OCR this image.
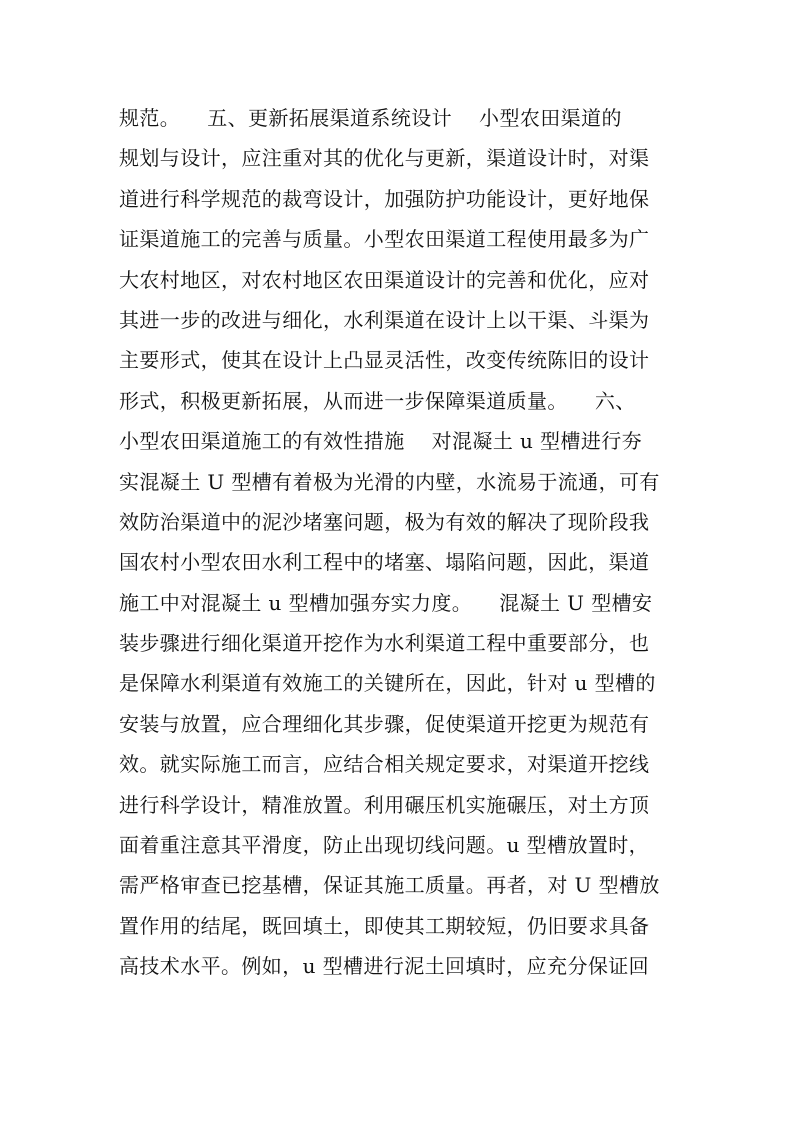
规范。    五、更新拓展渠道系统设计    小型农田渠道的
规划与设计，应注重对其的优化与更新，渠道设计时，对渠
道进行科学规范的裁弯设计，加强防护功能设计，更好地保
证渠道施工的完善与质量。小型农田渠道工程使用最多为广
大农村地区，对农村地区农田渠道设计的完善和优化，应对
其进一步的改进与细化，水利渠道在设计上以干渠、斗渠为
主要形式，使其在设计上凸显灵活性，改变传统陈旧的设计
形式，积极更新拓展，从而进一步保障渠道质量。    六、
小型农田渠道施工的有效性措施    对混凝土 u 型槽进行夯
实混凝土 U 型槽有着极为光滑的内壁，水流易于流通，可有
效防治渠道中的泥沙堵塞问题，极为有效的解决了现阶段我
国农村小型农田水利工程中的堵塞、塌陷问题，因此，渠道
施工中对混凝土 u 型槽加强夯实力度。    混凝土 U 型槽安
装步骤进行细化渠道开挖作为水利渠道工程中重要部分，也
是保障水利渠道有效施工的关键所在，因此，针对 u 型槽的
安装与放置，应合理细化其步骤，促使渠道开挖更为规范有
效。就实际施工而言，应结合相关规定要求，对渠道开挖线
进行科学设计，精准放置。利用碾压机实施碾压，对土方顶
面着重注意其平滑度，防止出现切线问题。u 型槽放置时，
需严格审查已挖基槽，保证其施工质量。再者，对 U 型槽放
置作用的结尾，既回填土，即使其工期较短，仍旧要求具备
高技术水平。例如，u 型槽进行泥土回填时，应充分保证回
